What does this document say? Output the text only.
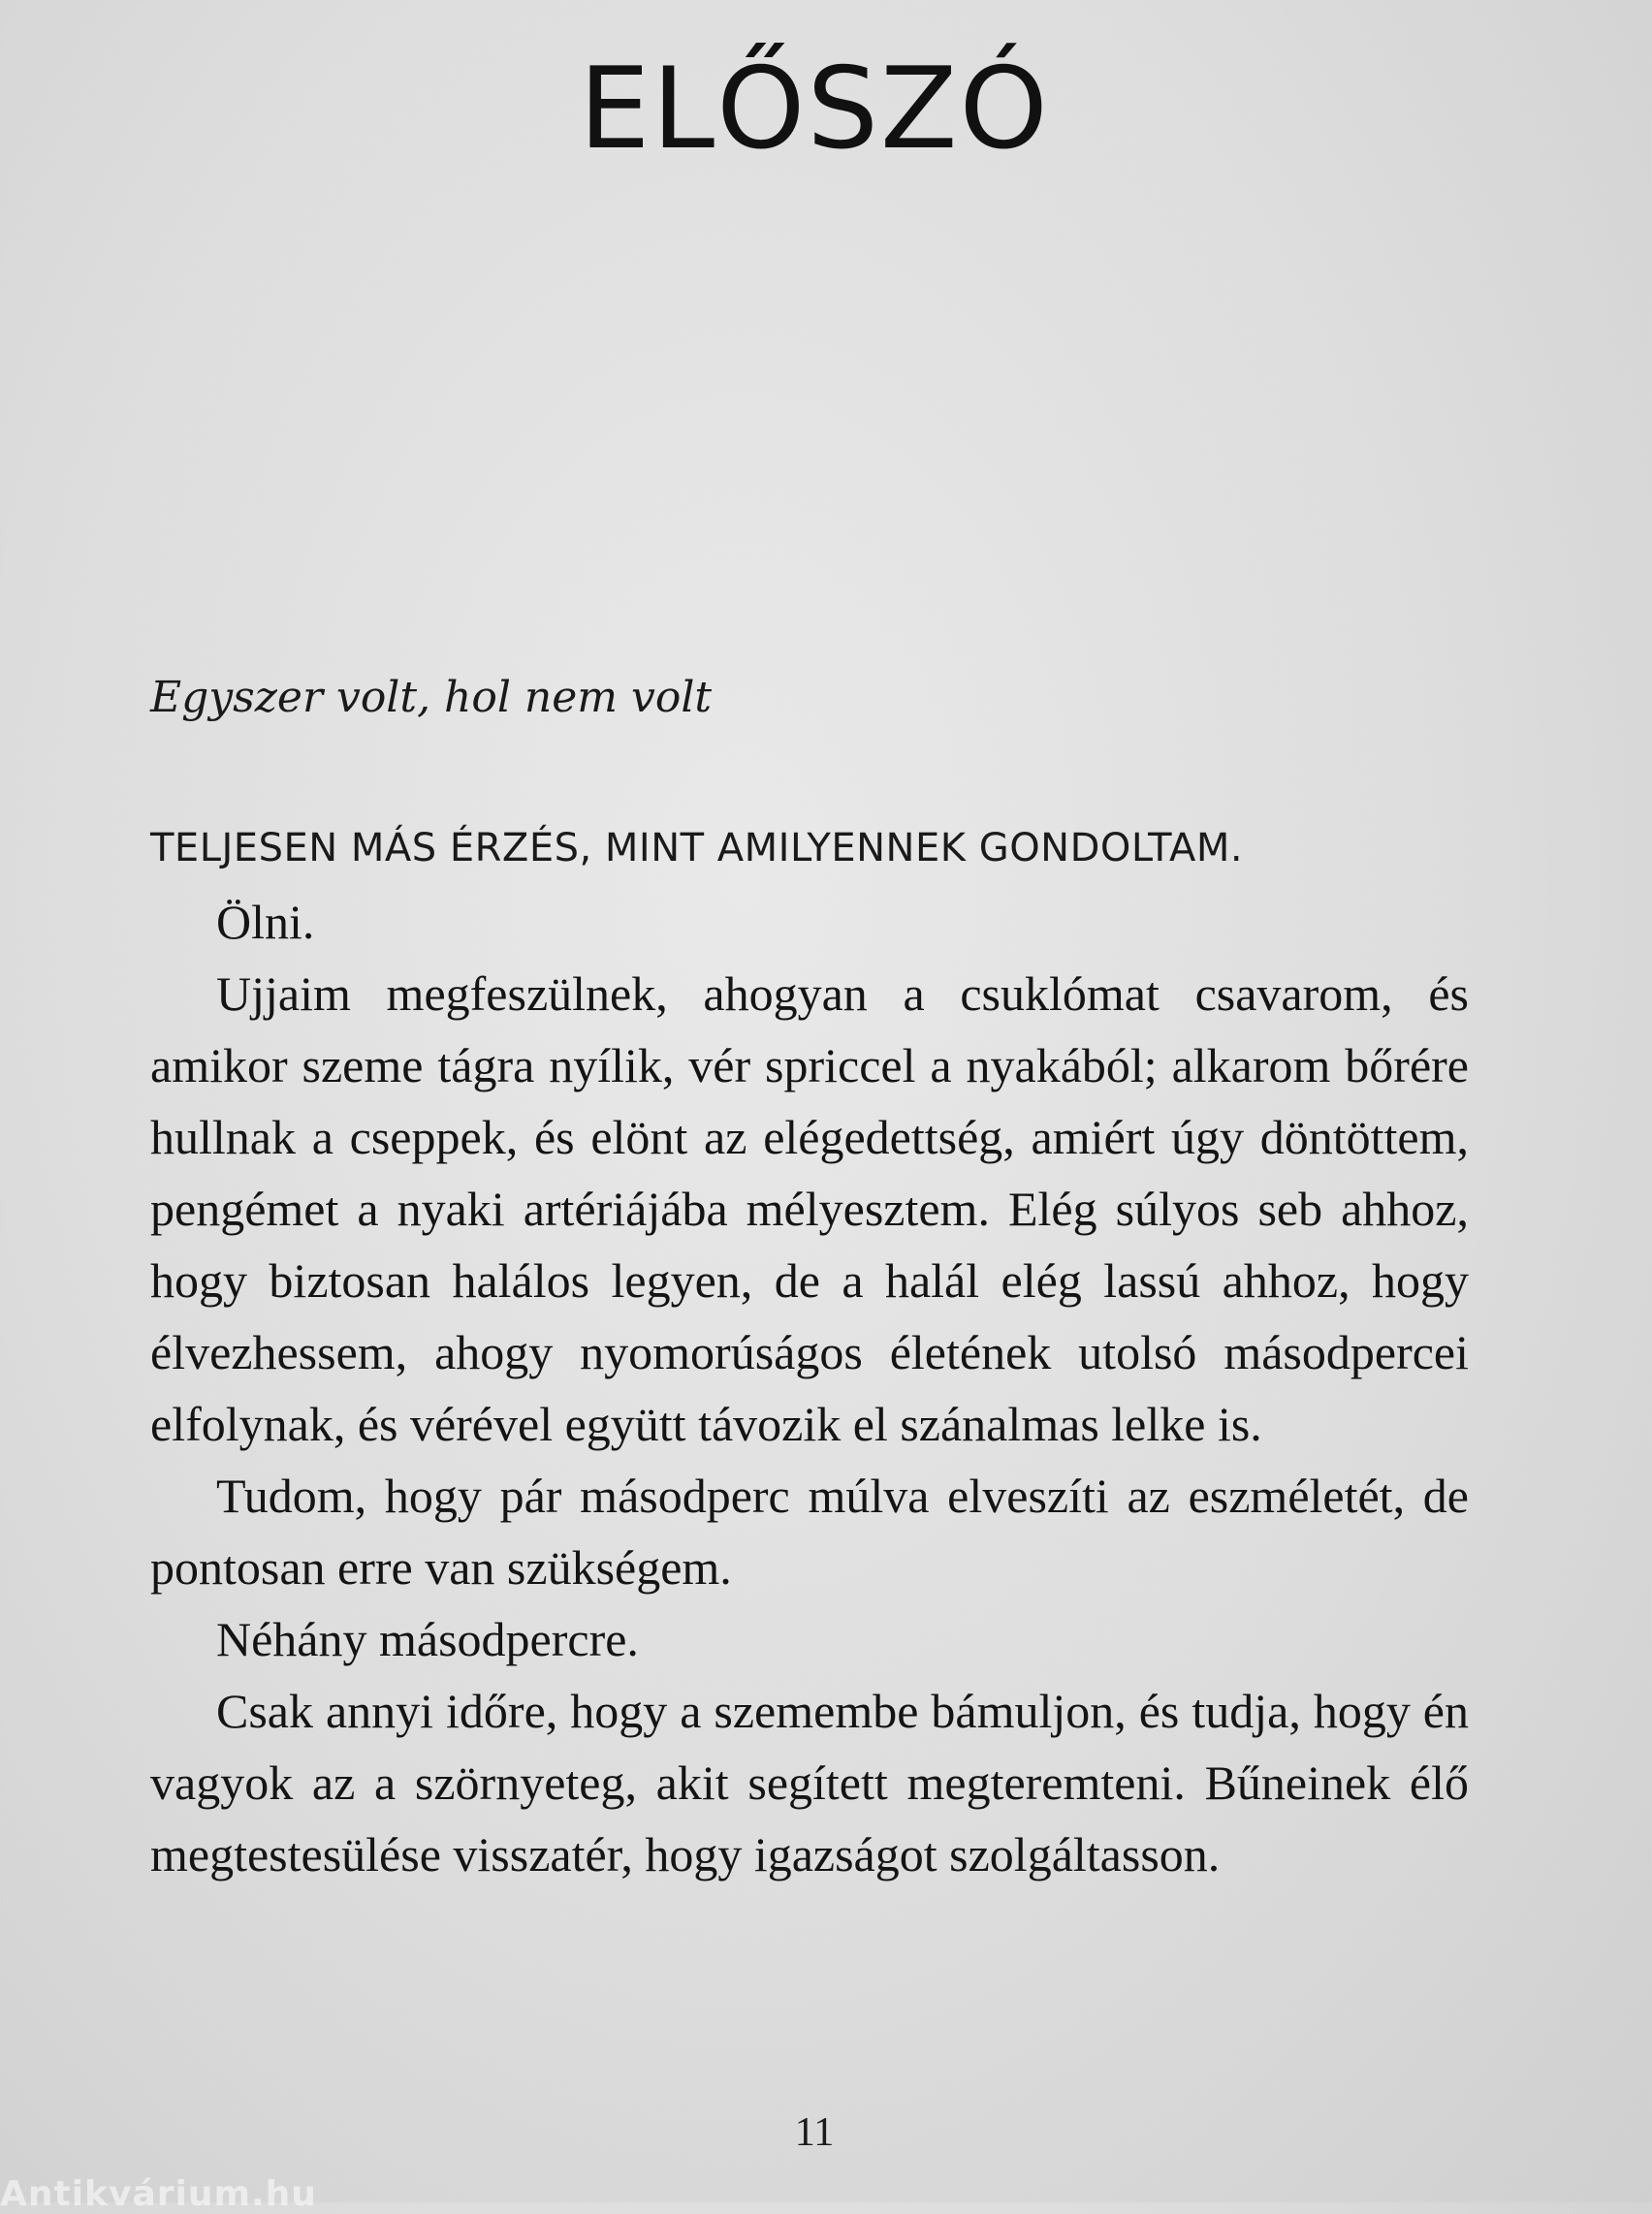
ELŐSZÓ
Egyszer volt, hol nem volt
TELJESEN MÁS ÉRZÉS, MINT AMILYENNEK GONDOLTAM.

Ölni.

Ujjaim megfeszülnek, ahogyan a csuklómat csavarom, és amikor szeme tágra nyílik, vér spriccel a nyakából; alkarom bőrére hullnak a cseppek, és elönt az elégedettség, amiért úgy döntöttem, pengémet a nyaki artériájába mélyesztem. Elég súlyos seb ahhoz, hogy biztosan halálos legyen, de a halál elég lassú ahhoz, hogy élvezhessem, ahogy nyomorúságos életének utolsó másodpercei elfolynak, és vérével együtt távozik el szánalmas lelke is.

Tudom, hogy pár másodperc múlva elveszíti az eszméletét, de pontosan erre van szükségem.

Néhány másodpercre.

Csak annyi időre, hogy a szemembe bámuljon, és tudja, hogy én vagyok az a szörnyeteg, akit segített megteremteni. Bűneinek élő megtestesülése visszatér, hogy igazságot szolgáltasson.

11
Antikvárium.hu
